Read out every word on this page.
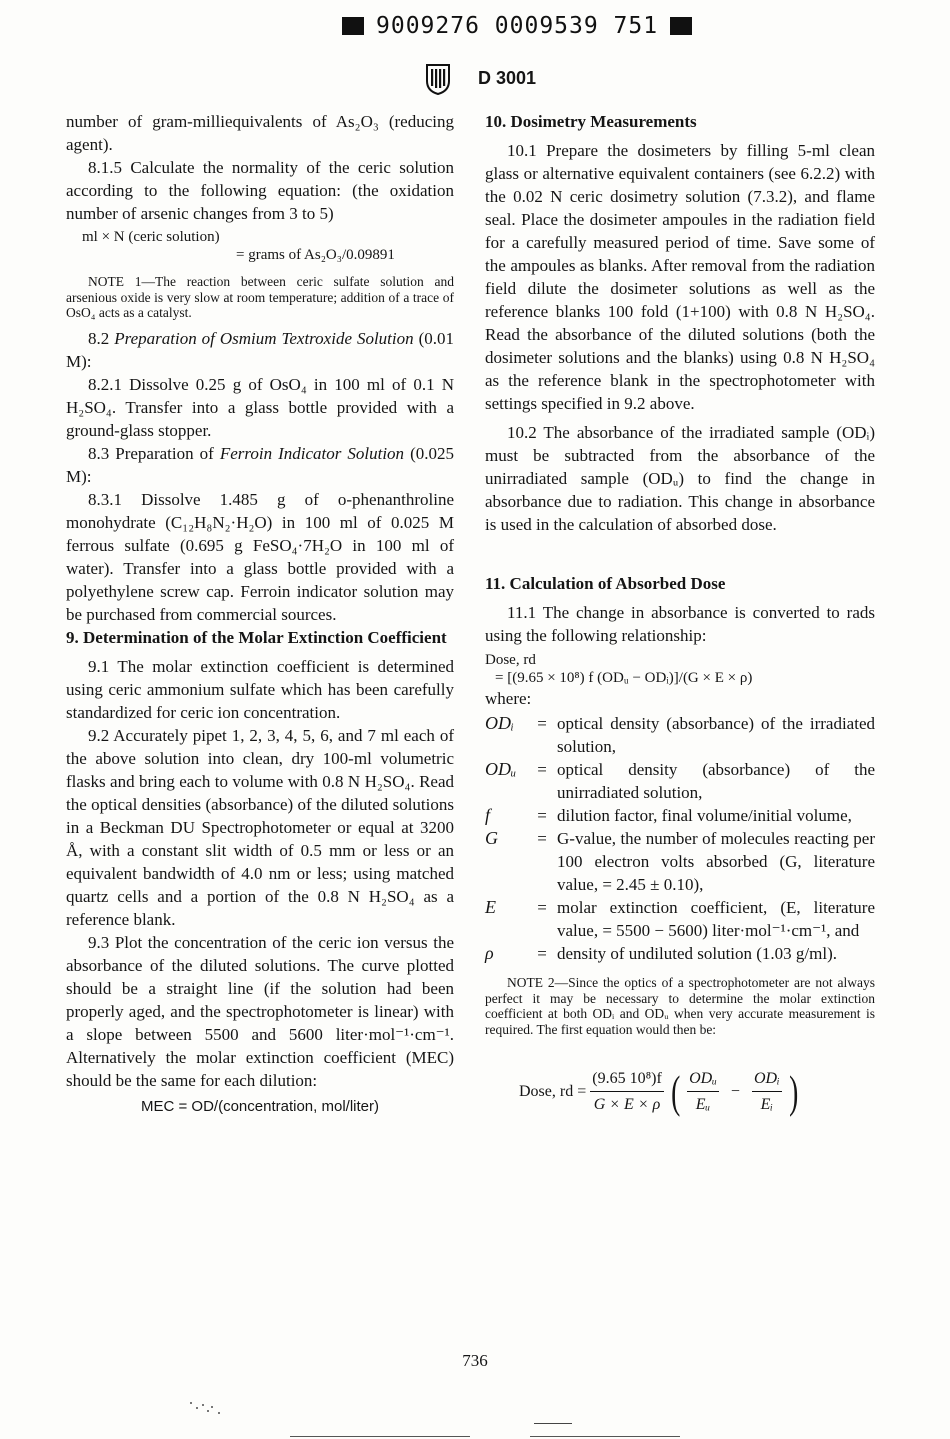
9009276 0009539 751
D 3001

number of gram-milliequivalents of As₂O₃ (reducing agent).

8.1.5 Calculate the normality of the ceric solution according to the following equation: (the oxidation number of arsenic changes from 3 to 5)

ml × N (ceric solution)
= grams of As₂O₃/0.09891

NOTE 1—The reaction between ceric sulfate solution and arsenious oxide is very slow at room temperature; addition of a trace of OsO₄ acts as a catalyst.

8.2 Preparation of Osmium Textroxide Solution (0.01 M):

8.2.1 Dissolve 0.25 g of OsO₄ in 100 ml of 0.1 N H₂SO₄. Transfer into a glass bottle provided with a ground-glass stopper.

8.3 Preparation of Ferroin Indicator Solution (0.025 M):

8.3.1 Dissolve 1.485 g of o-phenanthroline monohydrate (C₁₂H₈N₂·H₂O) in 100 ml of 0.025 M ferrous sulfate (0.695 g FeSO₄·7H₂O in 100 ml of water). Transfer into a glass bottle provided with a polyethylene screw cap. Ferroin indicator solution may be purchased from commercial sources.

9. Determination of the Molar Extinction Coefficient

9.1 The molar extinction coefficient is determined using ceric ammonium sulfate which has been carefully standardized for ceric ion concentration.

9.2 Accurately pipet 1, 2, 3, 4, 5, 6, and 7 ml each of the above solution into clean, dry 100-ml volumetric flasks and bring each to volume with 0.8 N H₂SO₄. Read the optical densities (absorbance) of the diluted solutions in a Beckman DU Spectrophotometer or equal at 3200 Å, with a constant slit width of 0.5 mm or less or an equivalent bandwidth of 4.0 nm or less; using matched quartz cells and a portion of the 0.8 N H₂SO₄ as a reference blank.

9.3 Plot the concentration of the ceric ion versus the absorbance of the diluted solutions. The curve plotted should be a straight line (if the solution had been properly aged, and the spectrophotometer is linear) with a slope between 5500 and 5600 liter·mol⁻¹·cm⁻¹. Alternatively the molar extinction coefficient (MEC) should be the same for each dilution:

MEC = OD/(concentration, mol/liter)

10. Dosimetry Measurements

10.1 Prepare the dosimeters by filling 5-ml clean glass or alternative equivalent containers (see 6.2.2) with the 0.02 N ceric dosimetry solution (7.3.2), and flame seal. Place the dosimeter ampoules in the radiation field for a carefully measured period of time. Save some of the ampoules as blanks. After removal from the radiation field dilute the dosimeter solutions as well as the reference blanks 100 fold (1+100) with 0.8 N H₂SO₄. Read the absorbance of the diluted solutions (both the dosimeter solutions and the blanks) using 0.8 N H₂SO₄ as the reference blank in the spectrophotometer with settings specified in 9.2 above.

10.2 The absorbance of the irradiated sample (ODᵢ) must be subtracted from the absorbance of the unirradiated sample (ODᵤ) to find the change in absorbance due to radiation. This change in absorbance is used in the calculation of absorbed dose.

11. Calculation of Absorbed Dose

11.1 The change in absorbance is converted to rads using the following relationship:

Dose, rd
= [(9.65 × 10⁸) f (ODᵤ − ODᵢ)]/(G × E × ρ)

where:

ODᵢ	= optical density (absorbance) of the irradiated solution,
ODᵤ	= optical density (absorbance) of the unirradiated solution,
f	= dilution factor, final volume/initial volume,
G	= G-value, the number of molecules reacting per 100 electron volts absorbed (G, literature value, = 2.45 ± 0.10),
E	= molar extinction coefficient, (E, literature value, = 5500 − 5600) liter·mol⁻¹·cm⁻¹, and
ρ	= density of undiluted solution (1.03 g/ml).

NOTE 2—Since the optics of a spectrophotometer are not always perfect it may be necessary to determine the molar extinction coefficient at both ODᵢ and ODᵤ when very accurate measurement is required. The first equation would then be:

Dose, rd = $\frac{\text{(9.65 10⁸)f}}{G \times E \times \rho}$ ( $\frac{\text{ODᵤ}}{\text{Eᵤ}} - \frac{\text{ODᵢ}}{\text{Eᵢ}}$ )
736
